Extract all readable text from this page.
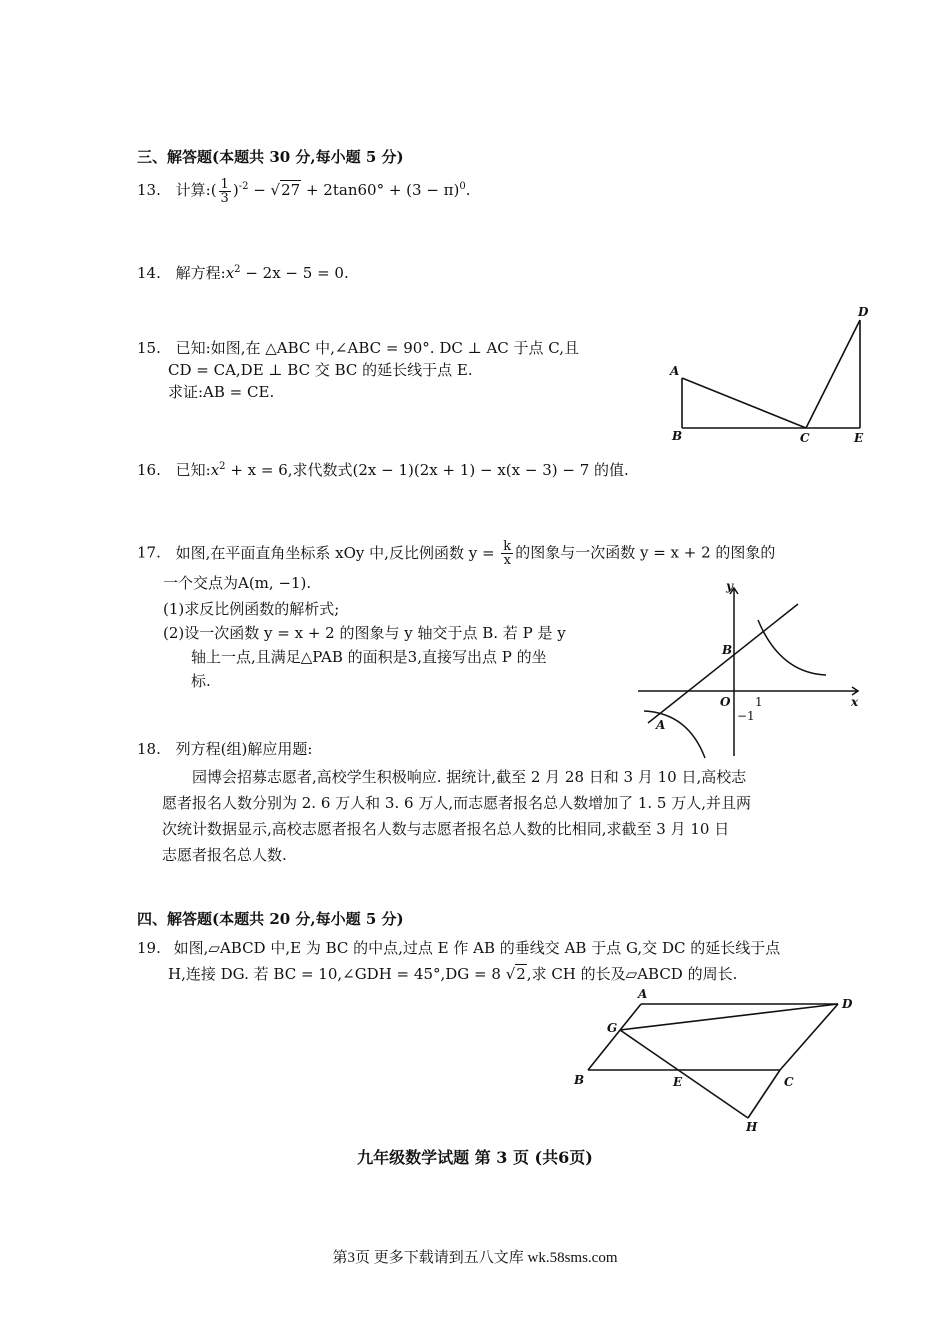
三、解答题(本题共 30 分,每小题 5 分)
13. 计算:( $\frac{1}{3} )^{-2} - √27 + 2\tan 60^\circ + (3 - \pi)^0$.
14. 解方程$:x^2 - 2x - 5 = 0$.
15. 已知:如图,在 △ABC 中,∠ABC = 90°. DC ⊥ AC 于点 C,且
CD = CA,DE ⊥ BC 交 BC 的延长线于点 E.
求证:AB = CE.
A
B	C
D
E
16. 已知$:x^2 + x = 6$,求代数式(2x − 1)(2x + 1) − x(x − 3) − 7 的值.
17. 如图,在平面直角坐标系 xOy 中,反比例函数 $y = \frac{k}{x}$ 的图象与一次函数 y = x + 2 的图象的
一个交点为A(m, −1).
(1)求反比例函数的解析式;
(2)设一次函数 y = x + 2 的图象与 y 轴交于点 B. 若 P 是 y
轴上一点,且满足△PAB 的面积是3,直接写出点 P 的坐
标.
y
x
O 1
−1
A
B
18. 列方程(组)解应用题:
园博会招募志愿者,高校学生积极响应. 据统计,截至 2 月 28 日和 3 月 10 日,高校志
愿者报名人数分别为 2. 6 万人和 3. 6 万人,而志愿者报名总人数增加了 1. 5 万人,并且两
次统计数据显示,高校志愿者报名人数与志愿者报名总人数的比相同,求截至 3 月 10 日
志愿者报名总人数.
四、解答题(本题共 20 分,每小题 5 分)
19. 如图,▱ABCD 中,E 为 BC 的中点,过点 E 作 AB 的垂线交 AB 于点 G,交 DC 的延长线于点
H,连接 DG. 若 BC = 10,∠GDH = 45°,DG = 8 √2,求 CH 的长及▱ABCD 的周长.
A
D
G
B	E	C
H
九年级数学试题 第 3 页 (共6页)
第3页 更多下载请到五八文库 wk.58sms.com
